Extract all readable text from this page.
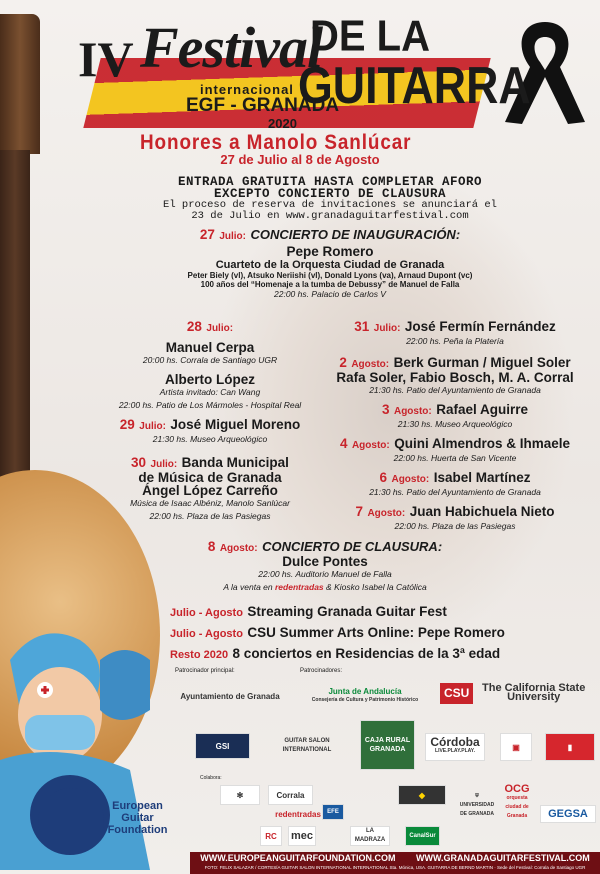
IV Festival
DE LA
GUITARRA
internacional
EGF - GRANADA
2020
Honores a Manolo Sanlúcar
27 de Julio al 8 de Agosto
ENTRADA GRATUITA HASTA COMPLETAR AFORO
EXCEPTO CONCIERTO DE CLAUSURA
El proceso de reserva de invitaciones se anunciará el
23 de Julio en www.granadaguitarfestival.com
27 Julio: CONCIERTO DE INAUGURACIÓN:
Pepe Romero
Cuarteto de la Orquesta Ciudad de Granada
Peter Biely (vl), Atsuko Neriishi (vl), Donald Lyons (va), Arnaud Dupont (vc)
100 años del “Homenaje a la tumba de Debussy” de Manuel de Falla
22:00 hs. Palacio de Carlos V
28 Julio:
Manuel Cerpa
20:00 hs. Corrala de Santiago UGR
Alberto López
Artista invitado: Can Wang
22:00 hs. Patio de Los Mármoles - Hospital Real
29 Julio: José Miguel Moreno
21:30 hs. Museo Arqueológico
30 Julio: Banda Municipal
de Música de Granada
Ángel López Carreño
Música de Isaac Albéniz, Manolo Sanlúcar
22:00 hs. Plaza de las Pasiegas
31 Julio: José Fermín Fernández
22:00 hs. Peña la Platería
2 Agosto: Berk Gurman / Miguel Soler
Rafa Soler, Fabio Bosch, M. A. Corral
21:30 hs. Patio del Ayuntamiento de Granada
3 Agosto: Rafael Aguirre
21:30 hs. Museo Arqueológico
4 Agosto: Quini Almendros & Ihmaele
22:00 hs. Huerta de San Vicente
6 Agosto: Isabel Martínez
21:30 hs. Patio del Ayuntamiento de Granada
7 Agosto: Juan Habichuela Nieto
22:00 hs. Plaza de las Pasiegas
8 Agosto: CONCIERTO DE CLAUSURA:
Dulce Pontes
22:00 hs. Auditorio Manuel de Falla
A la venta en redentradas & Kiosko Isabel la Católica
Julio - Agosto Streaming Granada Guitar Fest
Julio - Agosto CSU Summer Arts Online: Pepe Romero
Resto 2020 8 conciertos en Residencias de la 3ª edad
Patrocinador principal:
Ayuntamiento de Granada
Patrocinadores:
Junta de Andalucía
Consejería de Cultura y Patrimonio Histórico
CSU	The California State University
GSI
GUITAR SALON INTERNATIONAL
CAJA RURAL GRANADA
Córdoba
LIVE.PLAY.PLAY.	▣	▮
Colabora:
✻	Corrala
redentradas
◆	⛨
UNIVERSIDAD DE GRANADA
OCG
orquesta ciudad de Granada	GEGSA
RC	mec	LA MADRAZA
CanalSur
EFE
European
Guitar
Foundation
WWW.EUROPEANGUITARFOUNDATION.COM WWW.GRANADAGUITARFESTIVAL.COM
FOTO: FELIX SALAZAR / CORTESÍA GUITAR SALON INTERNATIONAL INTERNATIONAL Sta. Mónica, USA. GUITARRA DE BERND MARTIN · Sede del Festival: Corrala de Santiago UGR
